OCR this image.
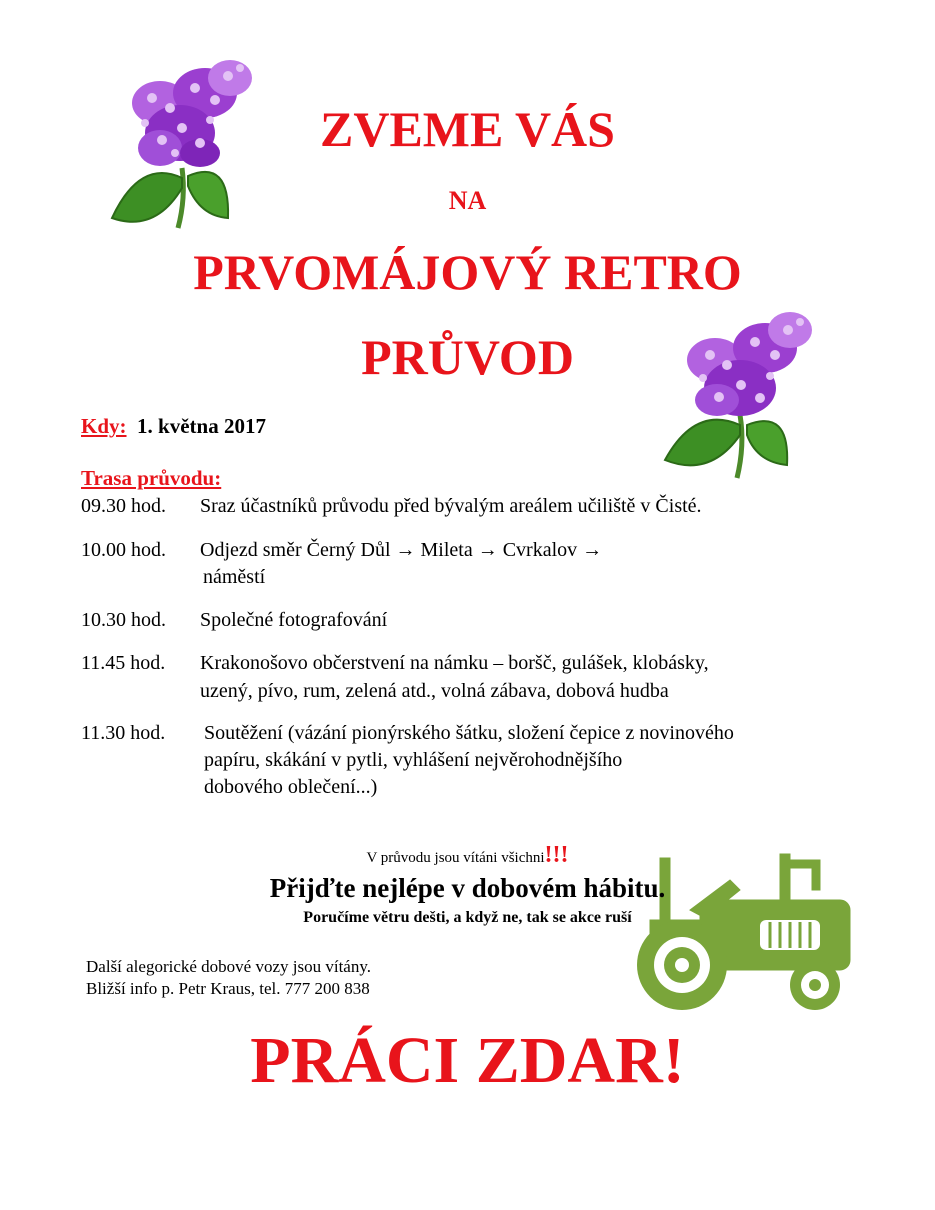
ZVEME VÁS
NA
PRVOMÁJOVÝ RETRO
PRŮVOD
Kdy: 1. května 2017
Trasa průvodu:
09.30 hod. Sraz účastníků průvodu před bývalým areálem učiliště v Čisté.
10.00 hod. Odjezd směr Černý Důl → Mileta → Cvrkalov →
náměstí
10.30 hod. Společné fotografování
11.45 hod. Krakonošovo občerstvení na námku – boršč, gulášek, klobásky,
uzený, pívo, rum, zelená atd., volná zábava, dobová hudba
11.30 hod. Soutěžení (vázání pionýrského šátku, složení čepice z novinového
papíru, skákání v pytli, vyhlášení nejvěrohodnějšího
dobového oblečení...)
V průvodu jsou vítáni všichni!!!
Přijďte nejlépe v dobovém hábitu.
Poručíme větru dešti, a když ne, tak se akce ruší
Další alegorické dobové vozy jsou vítány.
Bližší info p. Petr Kraus, tel. 777 200 838
PRÁCI ZDAR!
